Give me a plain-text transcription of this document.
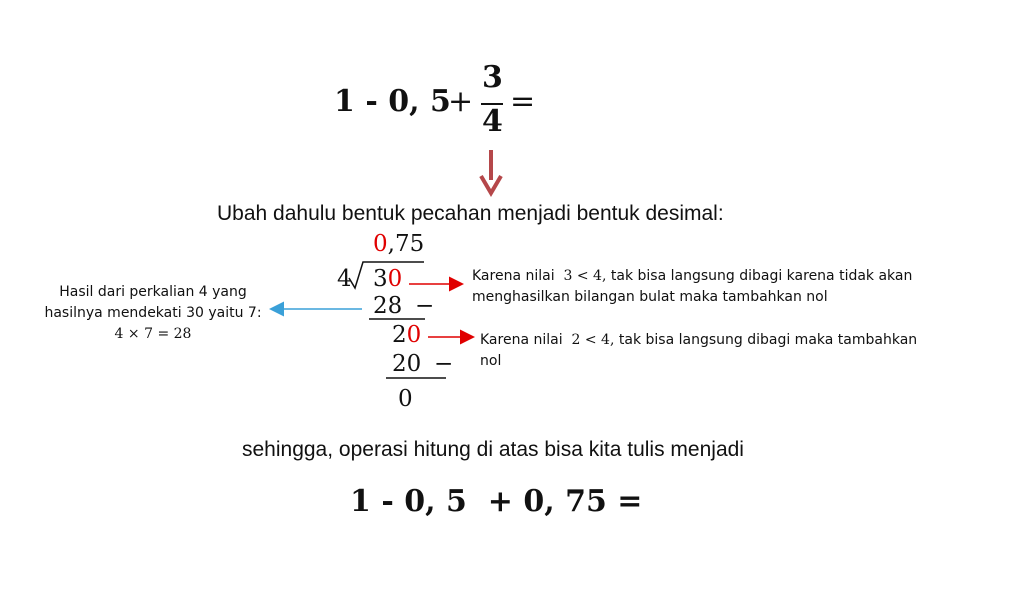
1 - 0, 5
+
3
4
=
Ubah dahulu bentuk pecahan menjadi bentuk desimal:
0,75
4 30
28 −
20
20 −
0
Karena nilai 3 < 4, tak bisa langsung dibagi karena tidak akan
menghasilkan bilangan bulat maka tambahkan nol
Karena nilai 2 < 4, tak bisa langsung dibagi maka tambahkan
nol
Hasil dari perkalian 4 yang
hasilnya mendekati 30 yaitu 7:
4 × 7 = 28
sehingga, operasi hitung di atas bisa kita tulis menjadi
1 - 0, 5  + 0, 75 =
